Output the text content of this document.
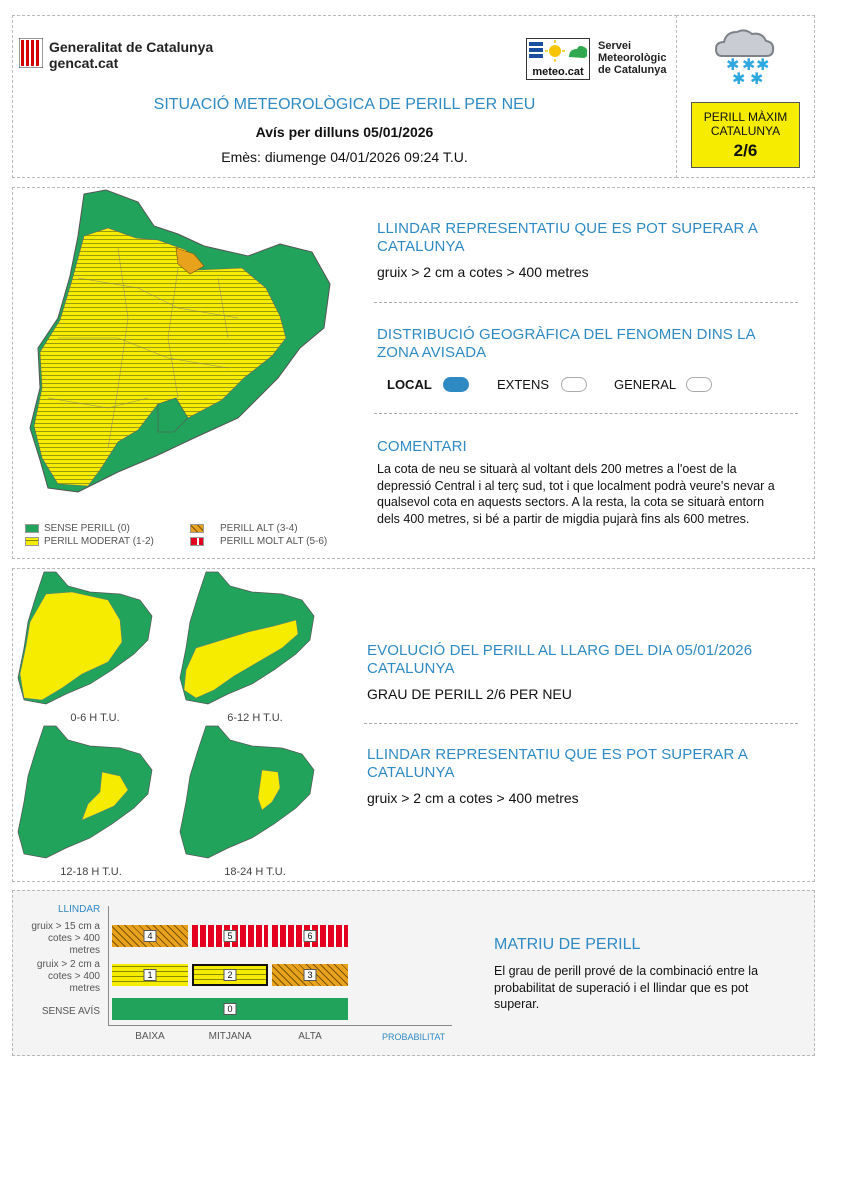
Generalitat de Catalunya
gencat.cat
meteo.cat
Servei
Meteorològic
de Catalunya
SITUACIÓ METEOROLÒGICA DE PERILL PER NEU
Avís per dilluns 05/01/2026
Emès: diumenge 04/01/2026 09:24 T.U.
✱ ✱ ✱
✱ ✱
PERILL MÀXIM
CATALUNYA
2/6
SENSE PERILL (0)
PERILL MODERAT (1-2)
PERILL ALT (3-4)
PERILL MOLT ALT (5-6)
LLINDAR REPRESENTATIU QUE ES POT SUPERAR A CATALUNYA
gruix > 2 cm a cotes > 400 metres
DISTRIBUCIÓ GEOGRÀFICA DEL FENOMEN DINS LA ZONA AVISADA
LOCAL	EXTENS	GENERAL
COMENTARI
La cota de neu se situarà al voltant dels 200 metres a l'oest de la depressió Central i al terç sud, tot i que localment podrà veure's nevar a qualsevol cota en aquests sectors. A la resta, la cota se situarà entorn dels 400 metres, si bé a partir de migdia pujarà fins als 600 metres.
0-6 H T.U.	6-12 H T.U.
12-18 H T.U.	18-24 H T.U.
EVOLUCIÓ DEL PERILL AL LLARG DEL DIA 05/01/2026 CATALUNYA
GRAU DE PERILL 2/6 PER NEU
LLINDAR REPRESENTATIU QUE ES POT SUPERAR A CATALUNYA
gruix > 2 cm a cotes > 400 metres
LLINDAR
gruix > 15 cm a cotes > 400 metres
gruix > 2 cm a cotes > 400 metres
SENSE AVÍS
4	5	6
1	2	3
0
BAIXA	MITJANA	ALTA	PROBABILITAT
MATRIU DE PERILL
El grau de perill prové de la combinació entre la probabilitat de superació i el llindar que es pot superar.
